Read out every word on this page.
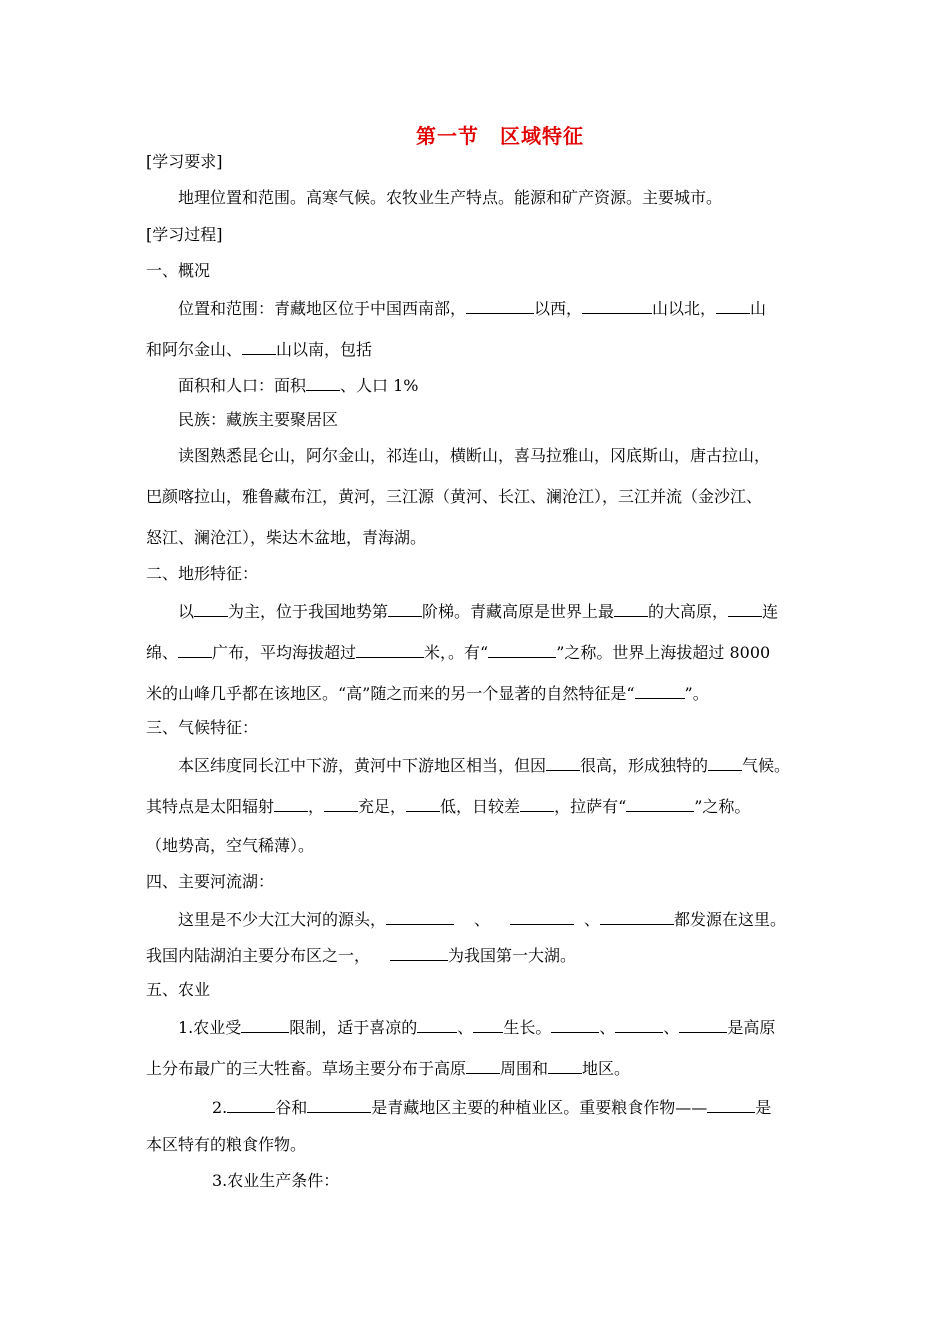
第一节　区域特征
[学习要求]
地理位置和范围。高寒气候。农牧业生产特点。能源和矿产资源。主要城市。
[学习过程]
一、概况
位置和范围：青藏地区位于中国西南部，	以西，	山以北， 山
和阿尔金山、 山以南，包括
面积和人口：面积 、人口 1%
民族：藏族主要聚居区
读图熟悉昆仑山，阿尔金山，祁连山，横断山，喜马拉雅山，冈底斯山，唐古拉山，
巴颜喀拉山，雅鲁藏布江，黄河，三江源（黄河、长江、澜沧江），三江并流（金沙江、
怒江、澜沧江），柴达木盆地，青海湖。
二、地形特征：
以 为主，位于我国地势第 阶梯。青藏高原是世界上最 的大高原， 连
绵、 广布，平均海拔超过	米，。有“	”之称。世界上海拔超过 8000
米的山峰几乎都在该地区。“高”随之而来的另一个显著的自然特征是“	”。
三、气候特征：
本区纬度同长江中下游，黄河中下游地区相当，但因 很高，形成独特的 气候。
其特点是太阳辐射 ， 充足， 低，日较差 ，拉萨有“	”之称。
（地势高，空气稀薄）。
四、主要河流湖：
这里是不少大江大河的源头，	、	、	都发源在这里。
我国内陆湖泊主要分布区之一，	为我国第一大湖。
五、农业
1.农业受	限制，适于喜凉的	、 生长。	、	、	是高原
上分布最广的三大牲畜。草场主要分布于高原 周围和 地区。
2.	谷和	是青藏地区主要的种植业区。重要粮食作物——	是
本区特有的粮食作物。
3.农业生产条件：
